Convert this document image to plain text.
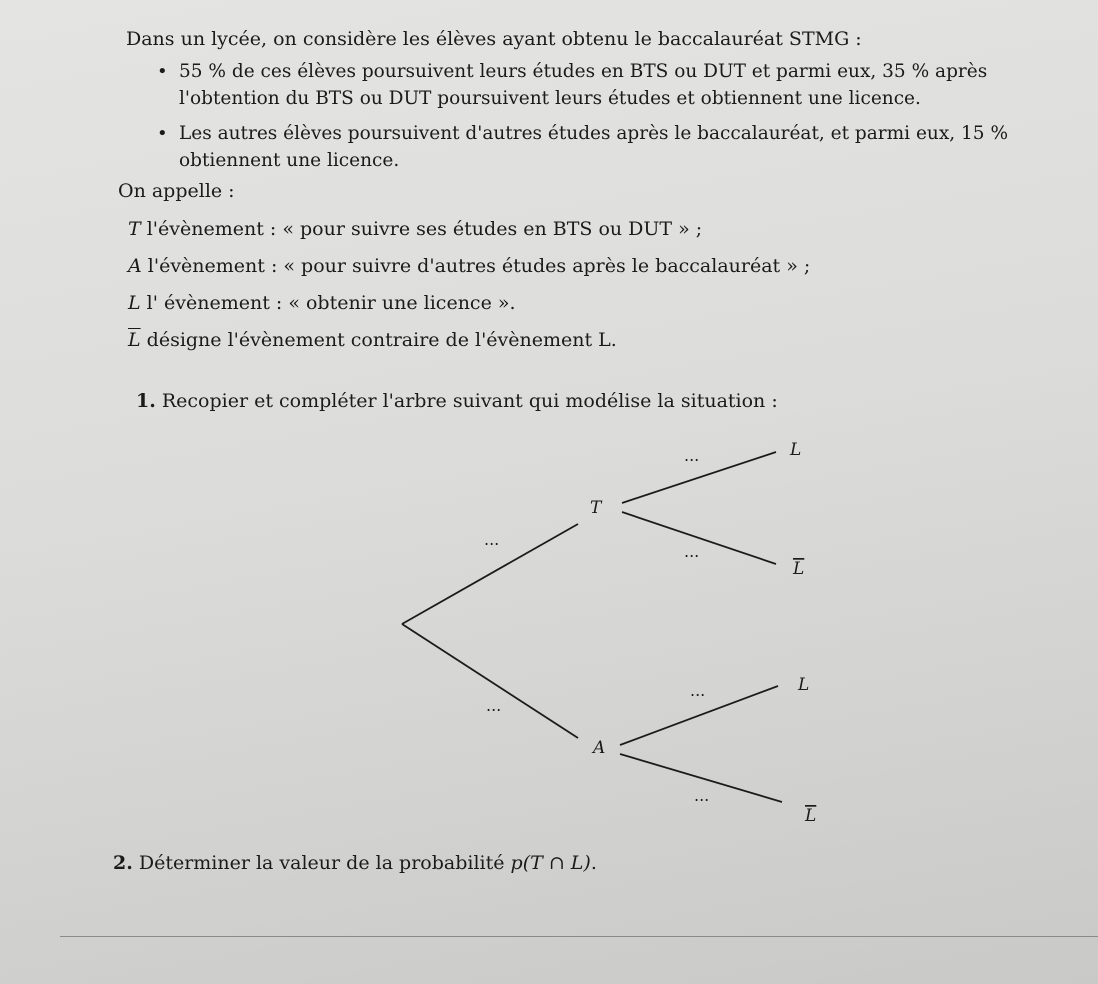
Dans un lycée, on considère les élèves ayant obtenu le baccalauréat STMG :
• 55 % de ces élèves poursuivent leurs études en BTS ou DUT et parmi eux, 35 % après l'obtention du BTS ou DUT poursuivent leurs études et obtiennent une licence.
• Les autres élèves poursuivent d'autres études après le baccalauréat, et parmi eux, 15 % obtiennent une licence.
On appelle :
T l'évènement : « pour suivre ses études en BTS ou DUT » ;
A l'évènement : « pour suivre d'autres études après le baccalauréat » ;
L l' évènement : « obtenir une licence ».
$\overline{L}$ désigne l'évènement contraire de l'évènement L.
1. Recopier et compléter l'arbre suivant qui modélise la situation :
T
A
L
L
L
L
...
...
...
...
...
...
2. Déterminer la valeur de la probabilité p(T ∩ L).
